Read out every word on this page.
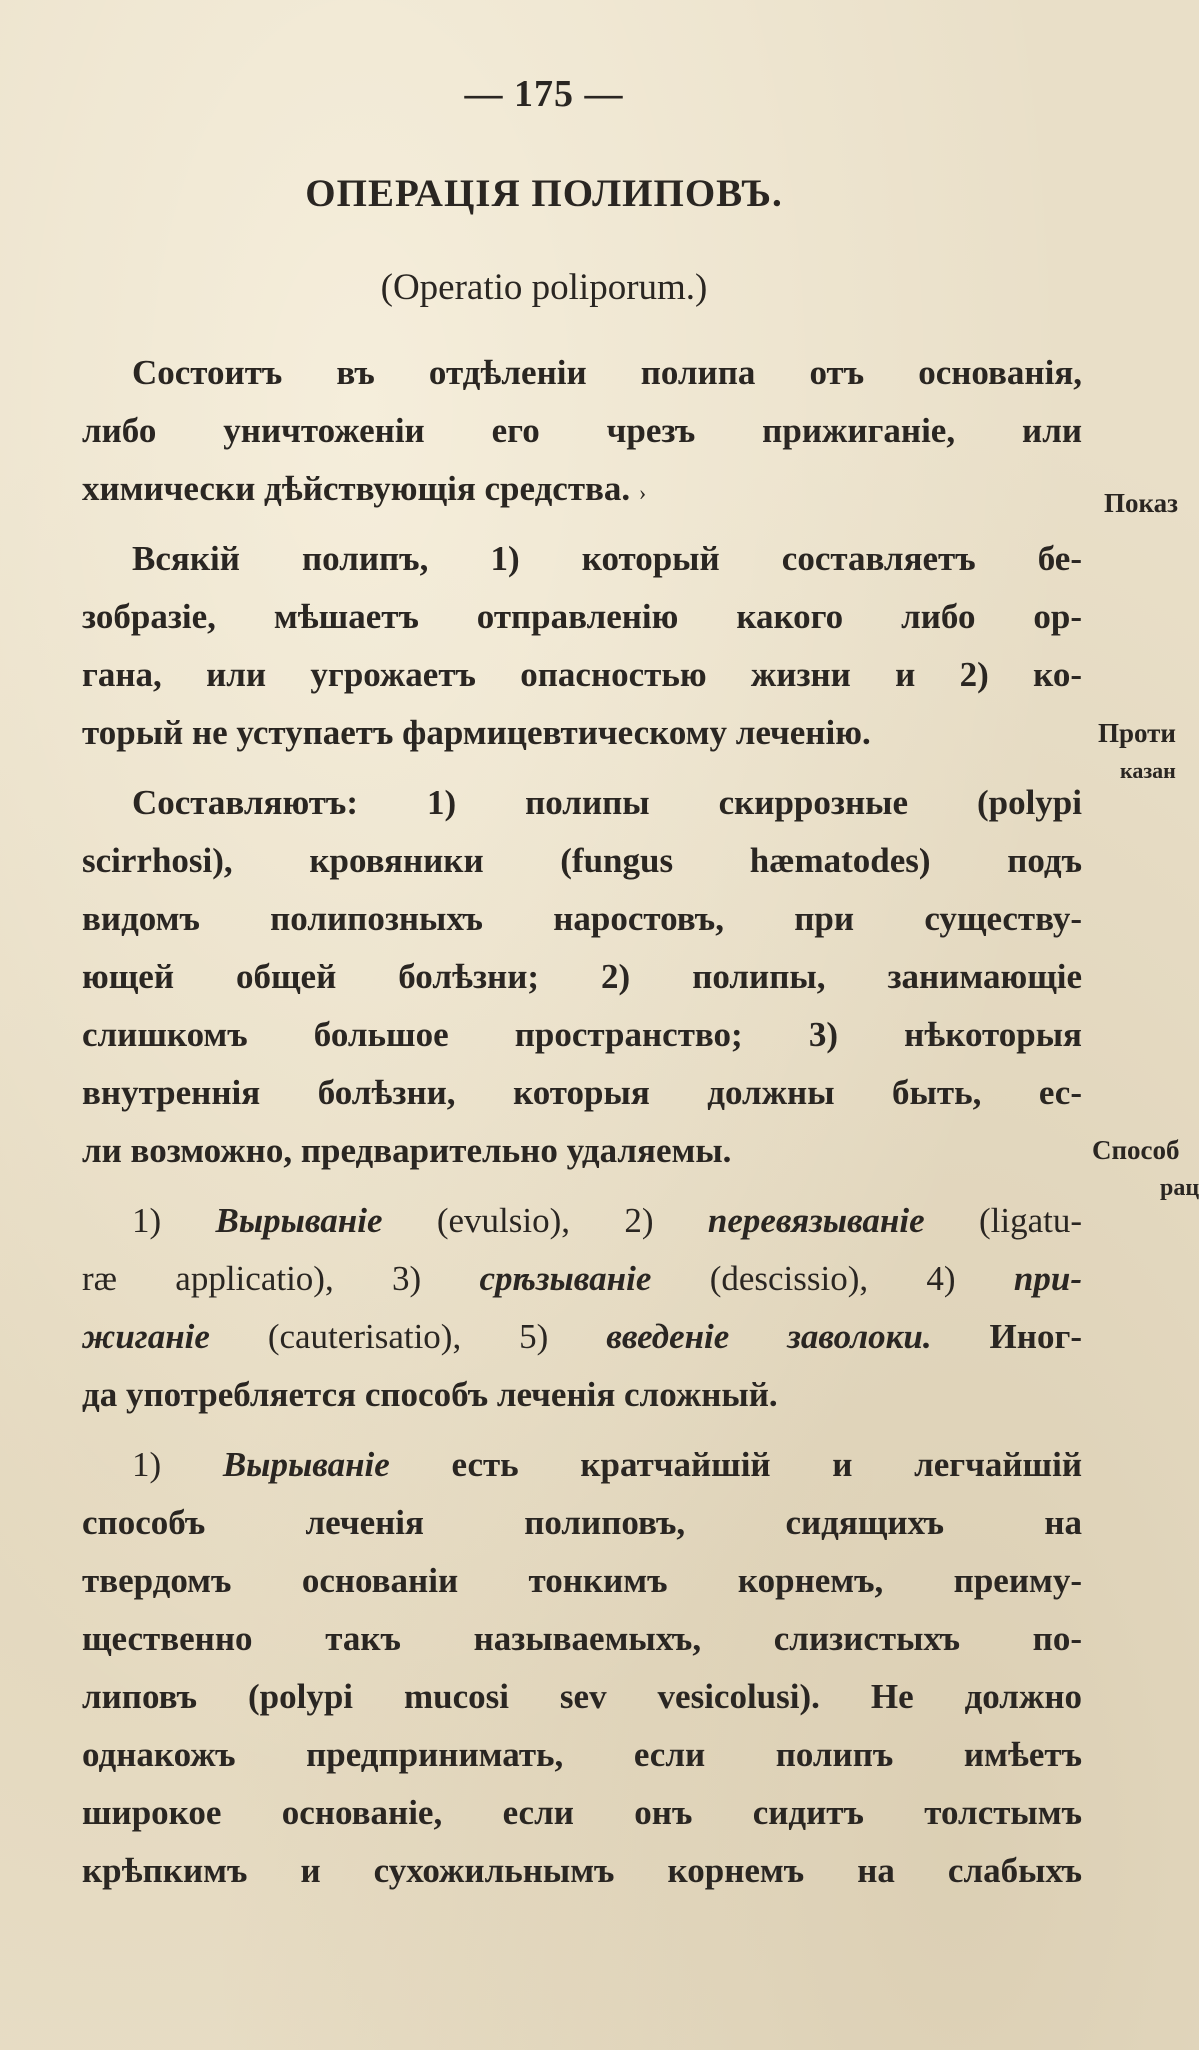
— 175 —
ОПЕРАЦІЯ ПОЛИПОВЪ.
(Operatio poliporum.)
Состоитъ въ отдѣленіи полипа отъ основанія,
либо уничтоженіи его чрезъ прижиганіе, или
химически дѣйствующія средства. ›
Всякій полипъ, 1) который составляетъ бе-
зобразіе, мѣшаетъ отправленію какого либо ор-
гана, или угрожаетъ опасностью жизни и 2) ко-
торый не уступаетъ фармицевтическому леченію.
Составляютъ: 1) полипы скиррозные (polypi
scirrhosi), кровяники (fungus hæmatodes) подъ
видомъ полипозныхъ наростовъ, при существу-
ющей общей болѣзни; 2) полипы, занимающіе
слишкомъ большое пространство; 3) нѣкоторыя
внутреннія болѣзни, которыя должны быть, ес-
ли возможно, предварительно удаляемы.
1) Вырываніе (evulsio), 2) перевязываніе (ligatu-
ræ applicatio), 3) срѣзываніе (descissio), 4) при-
жиганіе (cauterisatio), 5) введеніе заволоки. Иног-
да употребляется способъ леченія сложный.
1) Вырываніе есть кратчайшій и легчайшій
способъ леченія полиповъ, сидящихъ на
твердомъ основаніи тонкимъ корнемъ, преиму-
щественно такъ называемыхъ, слизистыхъ по-
липовъ (polypi mucosi sev vesicolusi). Не должно
однакожъ предпринимать, если полипъ имѣетъ
широкое основаніе, если онъ сидитъ толстымъ
крѣпкимъ и сухожильнымъ корнемъ на слабыхъ
Показ
Проти
казан
Способ
рац
